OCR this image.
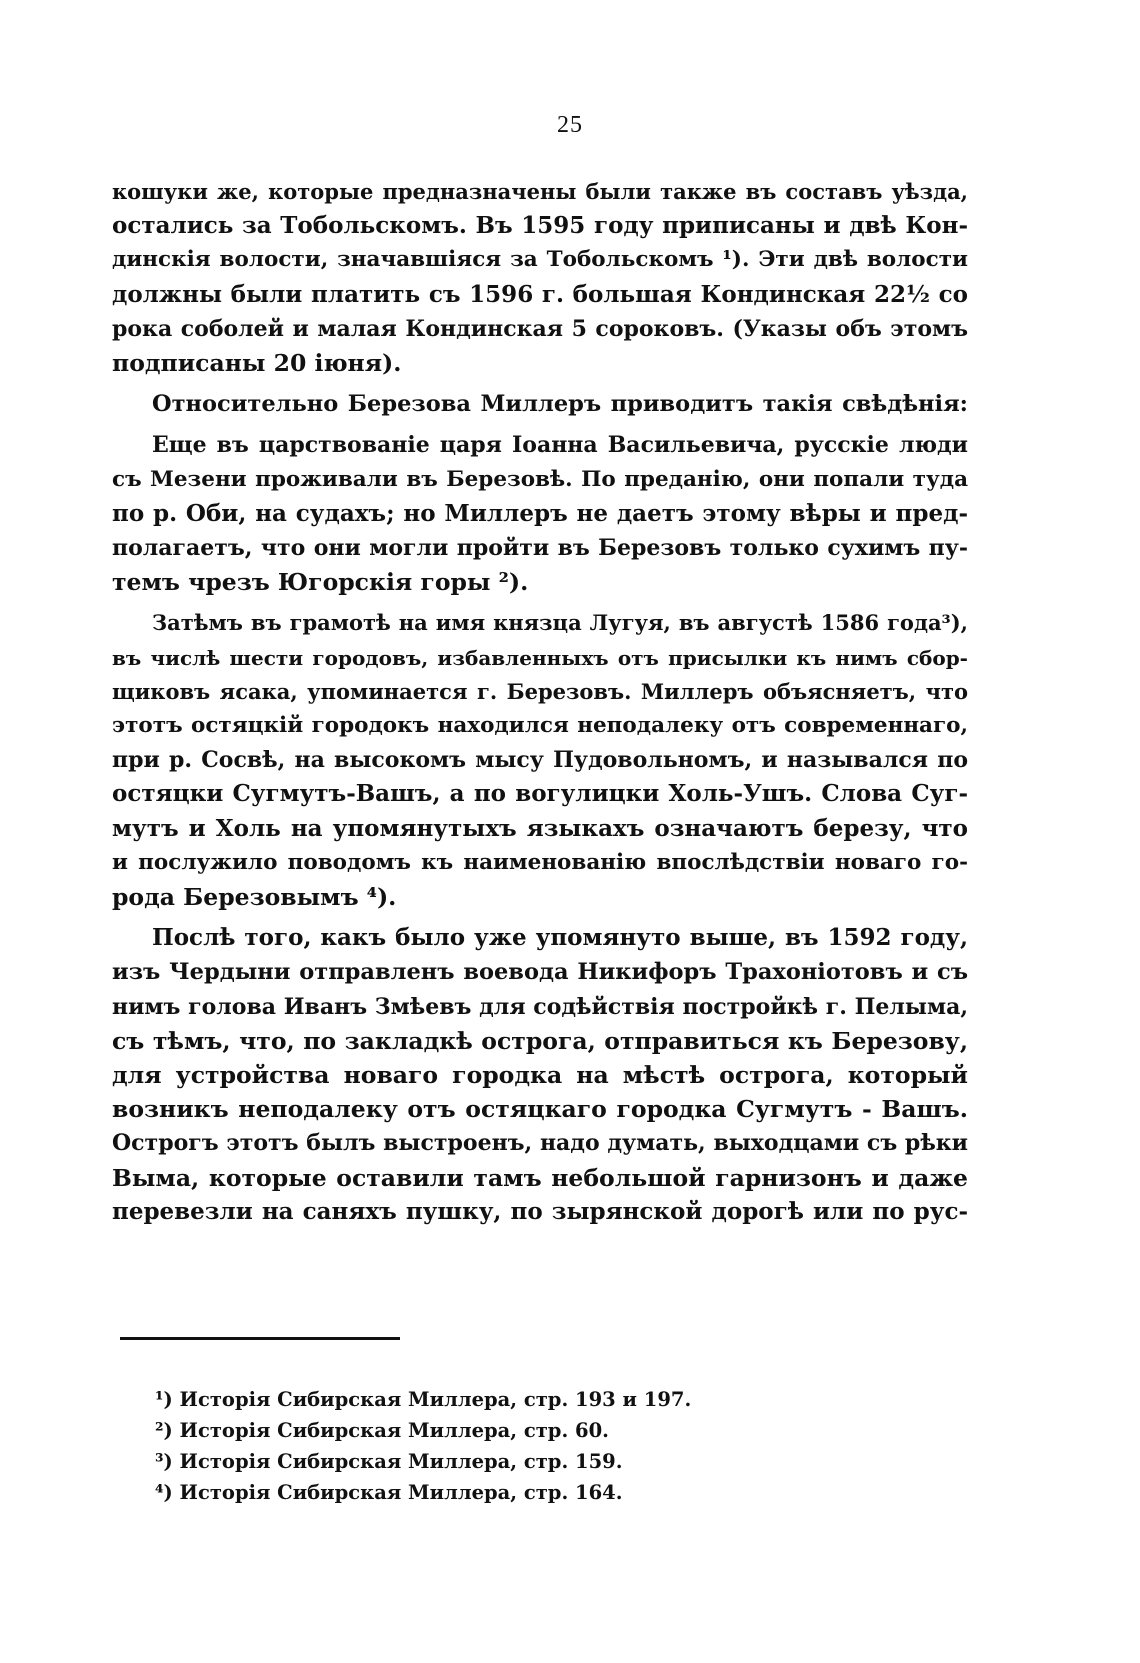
25
кошуки же, которые предназначены были также въ составъ уѣзда,
остались за Тобольскомъ. Въ 1595 году приписаны и двѣ Кон-
динскія волости, значавшіяся за Тобольскомъ ¹). Эти двѣ волости
должны были платить съ 1596 г. большая Кондинская 22½ со
рока соболей и малая Кондинская 5 сороковъ. (Указы объ этомъ
подписаны 20 іюня).
Относительно Березова Миллеръ приводитъ такія свѣдѣнія:
Еще въ царствованіе царя Іоанна Васильевича, русскіе люди
съ Мезени проживали въ Березовѣ. По преданію, они попали туда
по р. Оби, на судахъ; но Миллеръ не даетъ этому вѣры и пред-
полагаетъ, что они могли пройти въ Березовъ только сухимъ пу-
темъ чрезъ Югорскія горы ²).
Затѣмъ въ грамотѣ на имя князца Лугуя, въ августѣ 1586 года³),
въ числѣ шести городовъ, избавленныхъ отъ присылки къ нимъ сбор-
щиковъ ясака, упоминается г. Березовъ. Миллеръ объясняетъ, что
этотъ остяцкій городокъ находился неподалеку отъ современнаго,
при р. Сосвѣ, на высокомъ мысу Пудовольномъ, и назывался по
остяцки Сугмутъ-Вашъ, а по вогулицки Холь-Ушъ. Слова Суг-
мутъ и Холь на упомянутыхъ языкахъ означаютъ березу, что
и послужило поводомъ къ наименованію впослѣдствіи новаго го-
рода Березовымъ ⁴).
Послѣ того, какъ было уже упомянуто выше, въ 1592 году,
изъ Чердыни отправленъ воевода Никифоръ Трахоніотовъ и съ
нимъ голова Иванъ Змѣевъ для содѣйствія постройкѣ г. Пелыма,
съ тѣмъ, что, по закладкѣ острога, отправиться къ Березову,
для устройства новаго городка на мѣстѣ острога, который
возникъ неподалеку отъ остяцкаго городка Сугмутъ - Вашъ.
Острогъ этотъ былъ выстроенъ, надо думать, выходцами съ рѣки
Вымa, которые оставили тамъ небольшой гарнизонъ и даже
перевезли на саняхъ пушку, по зырянской дорогѣ или по рус-
¹) Исторія Сибирская Миллера, стр. 193 и 197.
²) Исторія Сибирская Миллера, стр. 60.
³) Исторія Сибирская Миллера, стр. 159.
⁴) Исторія Сибирская Миллера, стр. 164.
